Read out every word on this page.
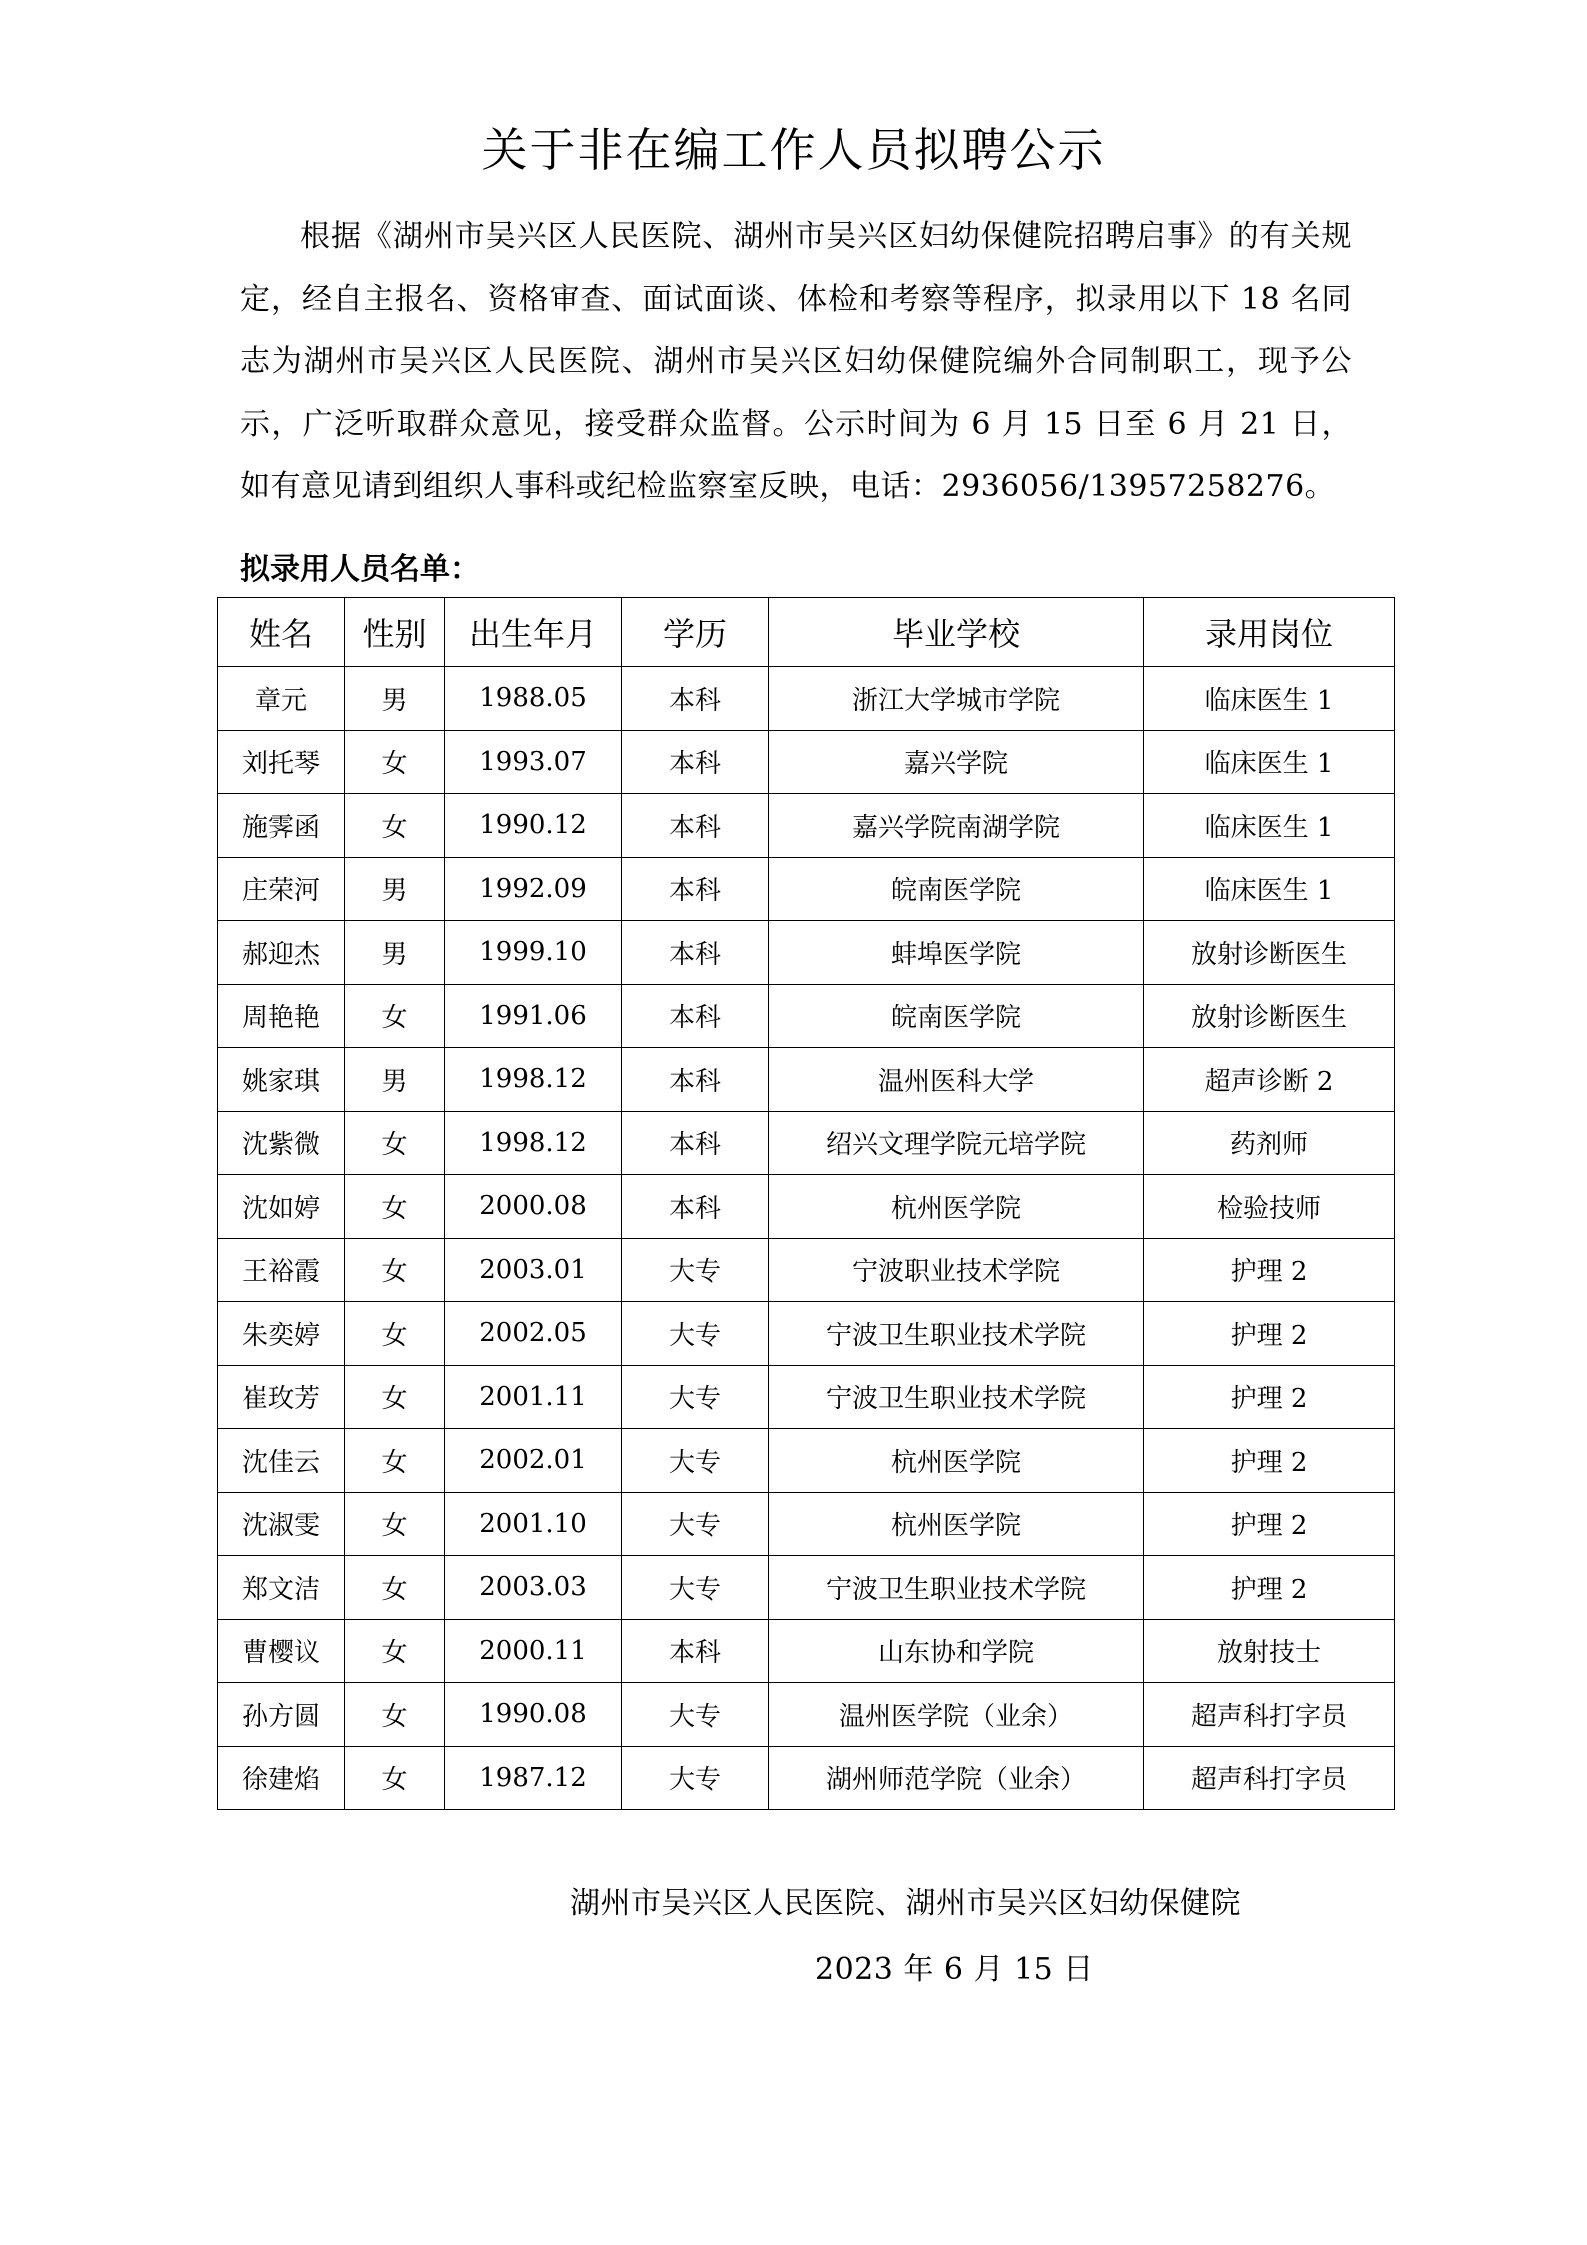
关于非在编工作人员拟聘公示
根据《湖州市吴兴区人民医院、湖州市吴兴区妇幼保健院招聘启事》的有关规定，经自主报名、资格审查、面试面谈、体检和考察等程序，拟录用以下 18 名同志为湖州市吴兴区人民医院、湖州市吴兴区妇幼保健院编外合同制职工，现予公示，广泛听取群众意见，接受群众监督。公示时间为 6 月 15 日至 6 月 21 日，如有意见请到组织人事科或纪检监察室反映，电话：2936056/13957258276。
拟录用人员名单：
姓名	性别	出生年月	学历	毕业学校	录用岗位
章元	男	1988.05	本科	浙江大学城市学院	临床医生 1
刘托琴	女	1993.07	本科	嘉兴学院	临床医生 1
施霁函	女	1990.12	本科	嘉兴学院南湖学院	临床医生 1
庄荣河	男	1992.09	本科	皖南医学院	临床医生 1
郝迎杰	男	1999.10	本科	蚌埠医学院	放射诊断医生
周艳艳	女	1991.06	本科	皖南医学院	放射诊断医生
姚家琪	男	1998.12	本科	温州医科大学	超声诊断 2
沈紫微	女	1998.12	本科	绍兴文理学院元培学院	药剂师
沈如婷	女	2000.08	本科	杭州医学院	检验技师
王裕霞	女	2003.01	大专	宁波职业技术学院	护理 2
朱奕婷	女	2002.05	大专	宁波卫生职业技术学院	护理 2
崔玫芳	女	2001.11	大专	宁波卫生职业技术学院	护理 2
沈佳云	女	2002.01	大专	杭州医学院	护理 2
沈淑雯	女	2001.10	大专	杭州医学院	护理 2
郑文洁	女	2003.03	大专	宁波卫生职业技术学院	护理 2
曹樱议	女	2000.11	本科	山东协和学院	放射技士
孙方圆	女	1990.08	大专	温州医学院（业余）	超声科打字员
徐建焰	女	1987.12	大专	湖州师范学院（业余）	超声科打字员
湖州市吴兴区人民医院、湖州市吴兴区妇幼保健院
2023 年 6 月 15 日
